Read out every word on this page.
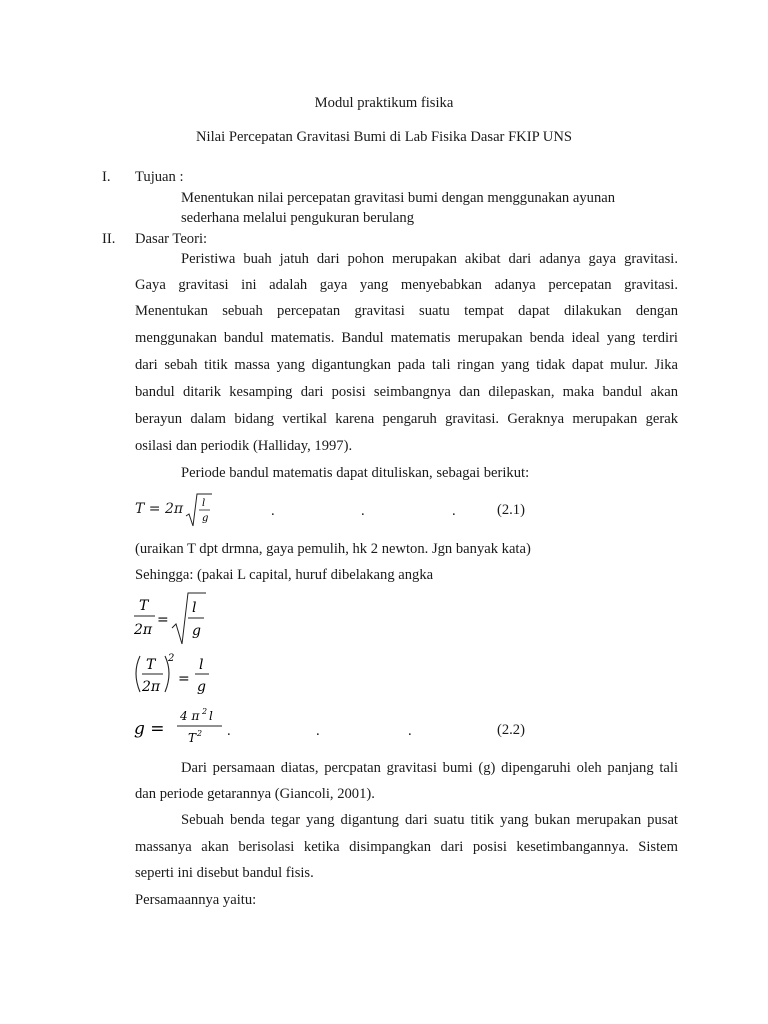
Modul praktikum fisika
Nilai Percepatan Gravitasi Bumi di Lab Fisika Dasar FKIP UNS
I. Tujuan :
Menentukan nilai percepatan gravitasi bumi dengan menggunakan ayunan
sederhana melalui pengukuran berulang
II. Dasar Teori:
Peristiwa buah jatuh dari pohon merupakan akibat dari adanya gaya gravitasi.
Gaya gravitasi ini adalah gaya yang menyebabkan adanya percepatan gravitasi.
Menentukan sebuah percepatan gravitasi suatu tempat dapat dilakukan dengan
menggunakan bandul matematis. Bandul matematis merupakan benda ideal yang terdiri
dari sebah titik massa yang digantungkan pada tali ringan yang tidak dapat mulur. Jika
bandul ditarik kesamping dari posisi seimbangnya dan dilepaskan, maka bandul akan
berayun dalam bidang vertikal karena pengaruh gravitasi. Geraknya merupakan gerak
osilasi dan periodik (Halliday, 1997).
Periode bandul matematis dapat dituliskan, sebagai berikut:
T = 2π l
g	.	.	.	(2.1)
(uraikan T dpt drmna, gaya pemulih, hk 2 newton. Jgn banyak kata)
Sehingga: (pakai L capital, huruf dibelakang angka
T
2π
=
l
g
T
2π
2
=
l
g
g =
4 π 2 l
T 2 .	.	.	(2.2)
Dari persamaan diatas, percpatan gravitasi bumi (g) dipengaruhi oleh panjang tali
dan periode getarannya (Giancoli, 2001).
Sebuah benda tegar yang digantung dari suatu titik yang bukan merupakan pusat
massanya akan berisolasi ketika disimpangkan dari posisi kesetimbangannya. Sistem
seperti ini disebut bandul fisis.
Persamaannya yaitu:
